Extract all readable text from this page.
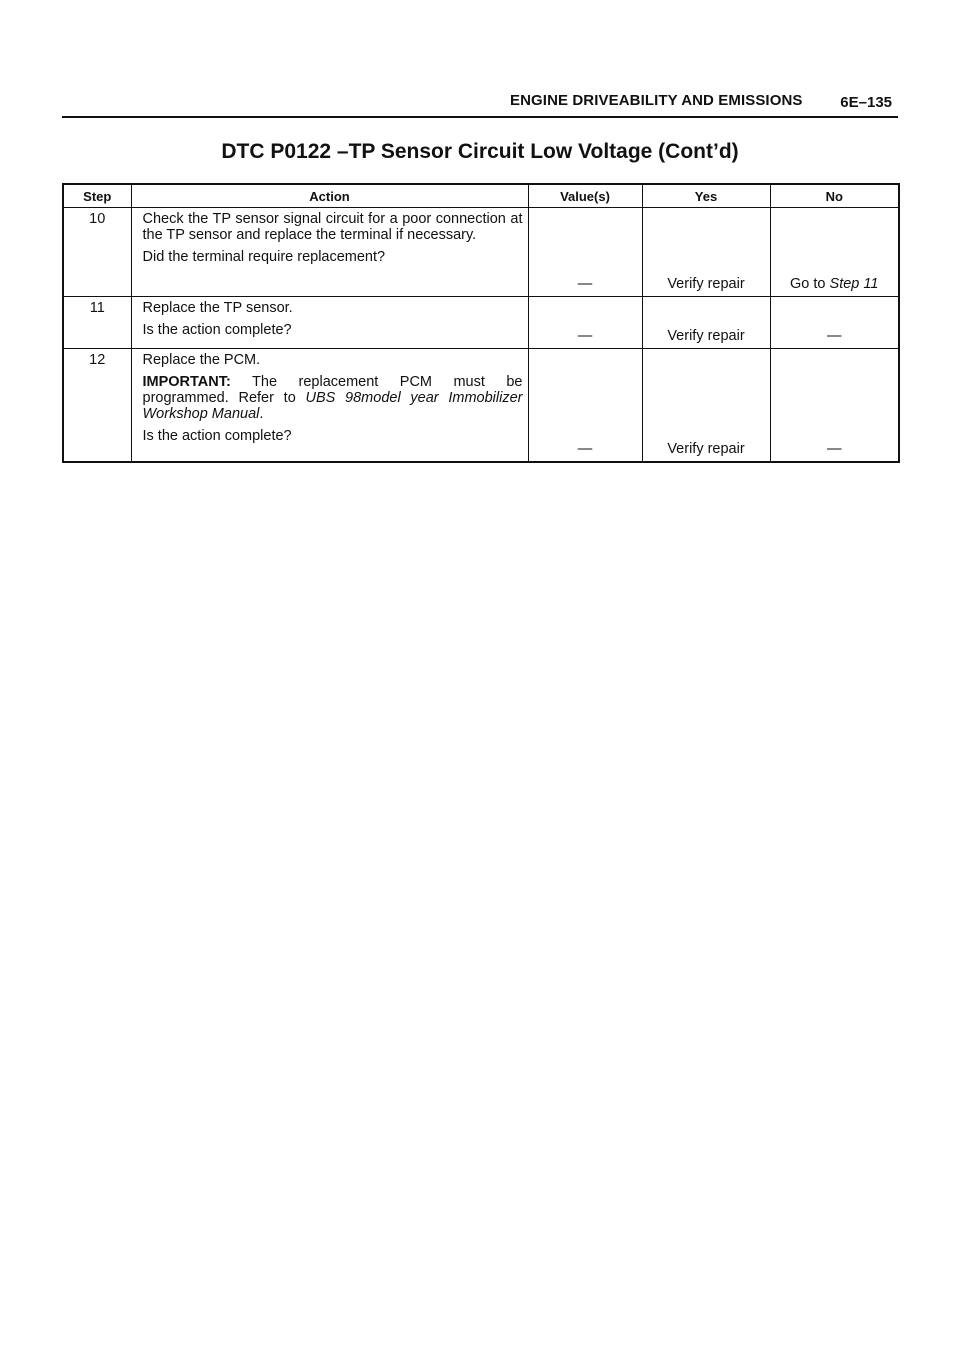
ENGINE DRIVEABILITY AND EMISSIONS	6E–135
DTC P0122 –TP Sensor Circuit Low Voltage (Cont’d)
Step	Action	Value(s)	Yes	No
10	Check the TP sensor signal circuit for a poor connection at the TP sensor and replace the terminal if necessary.

Did the terminal require replacement?	—	Verify repair	Go to Step 11
11	Replace the TP sensor.

Is the action complete?	—	Verify repair	—
12	Replace the PCM.

IMPORTANT: The replacement PCM must be programmed. Refer to UBS 98model year Immobilizer Workshop Manual.

Is the action complete?	—	Verify repair	—
